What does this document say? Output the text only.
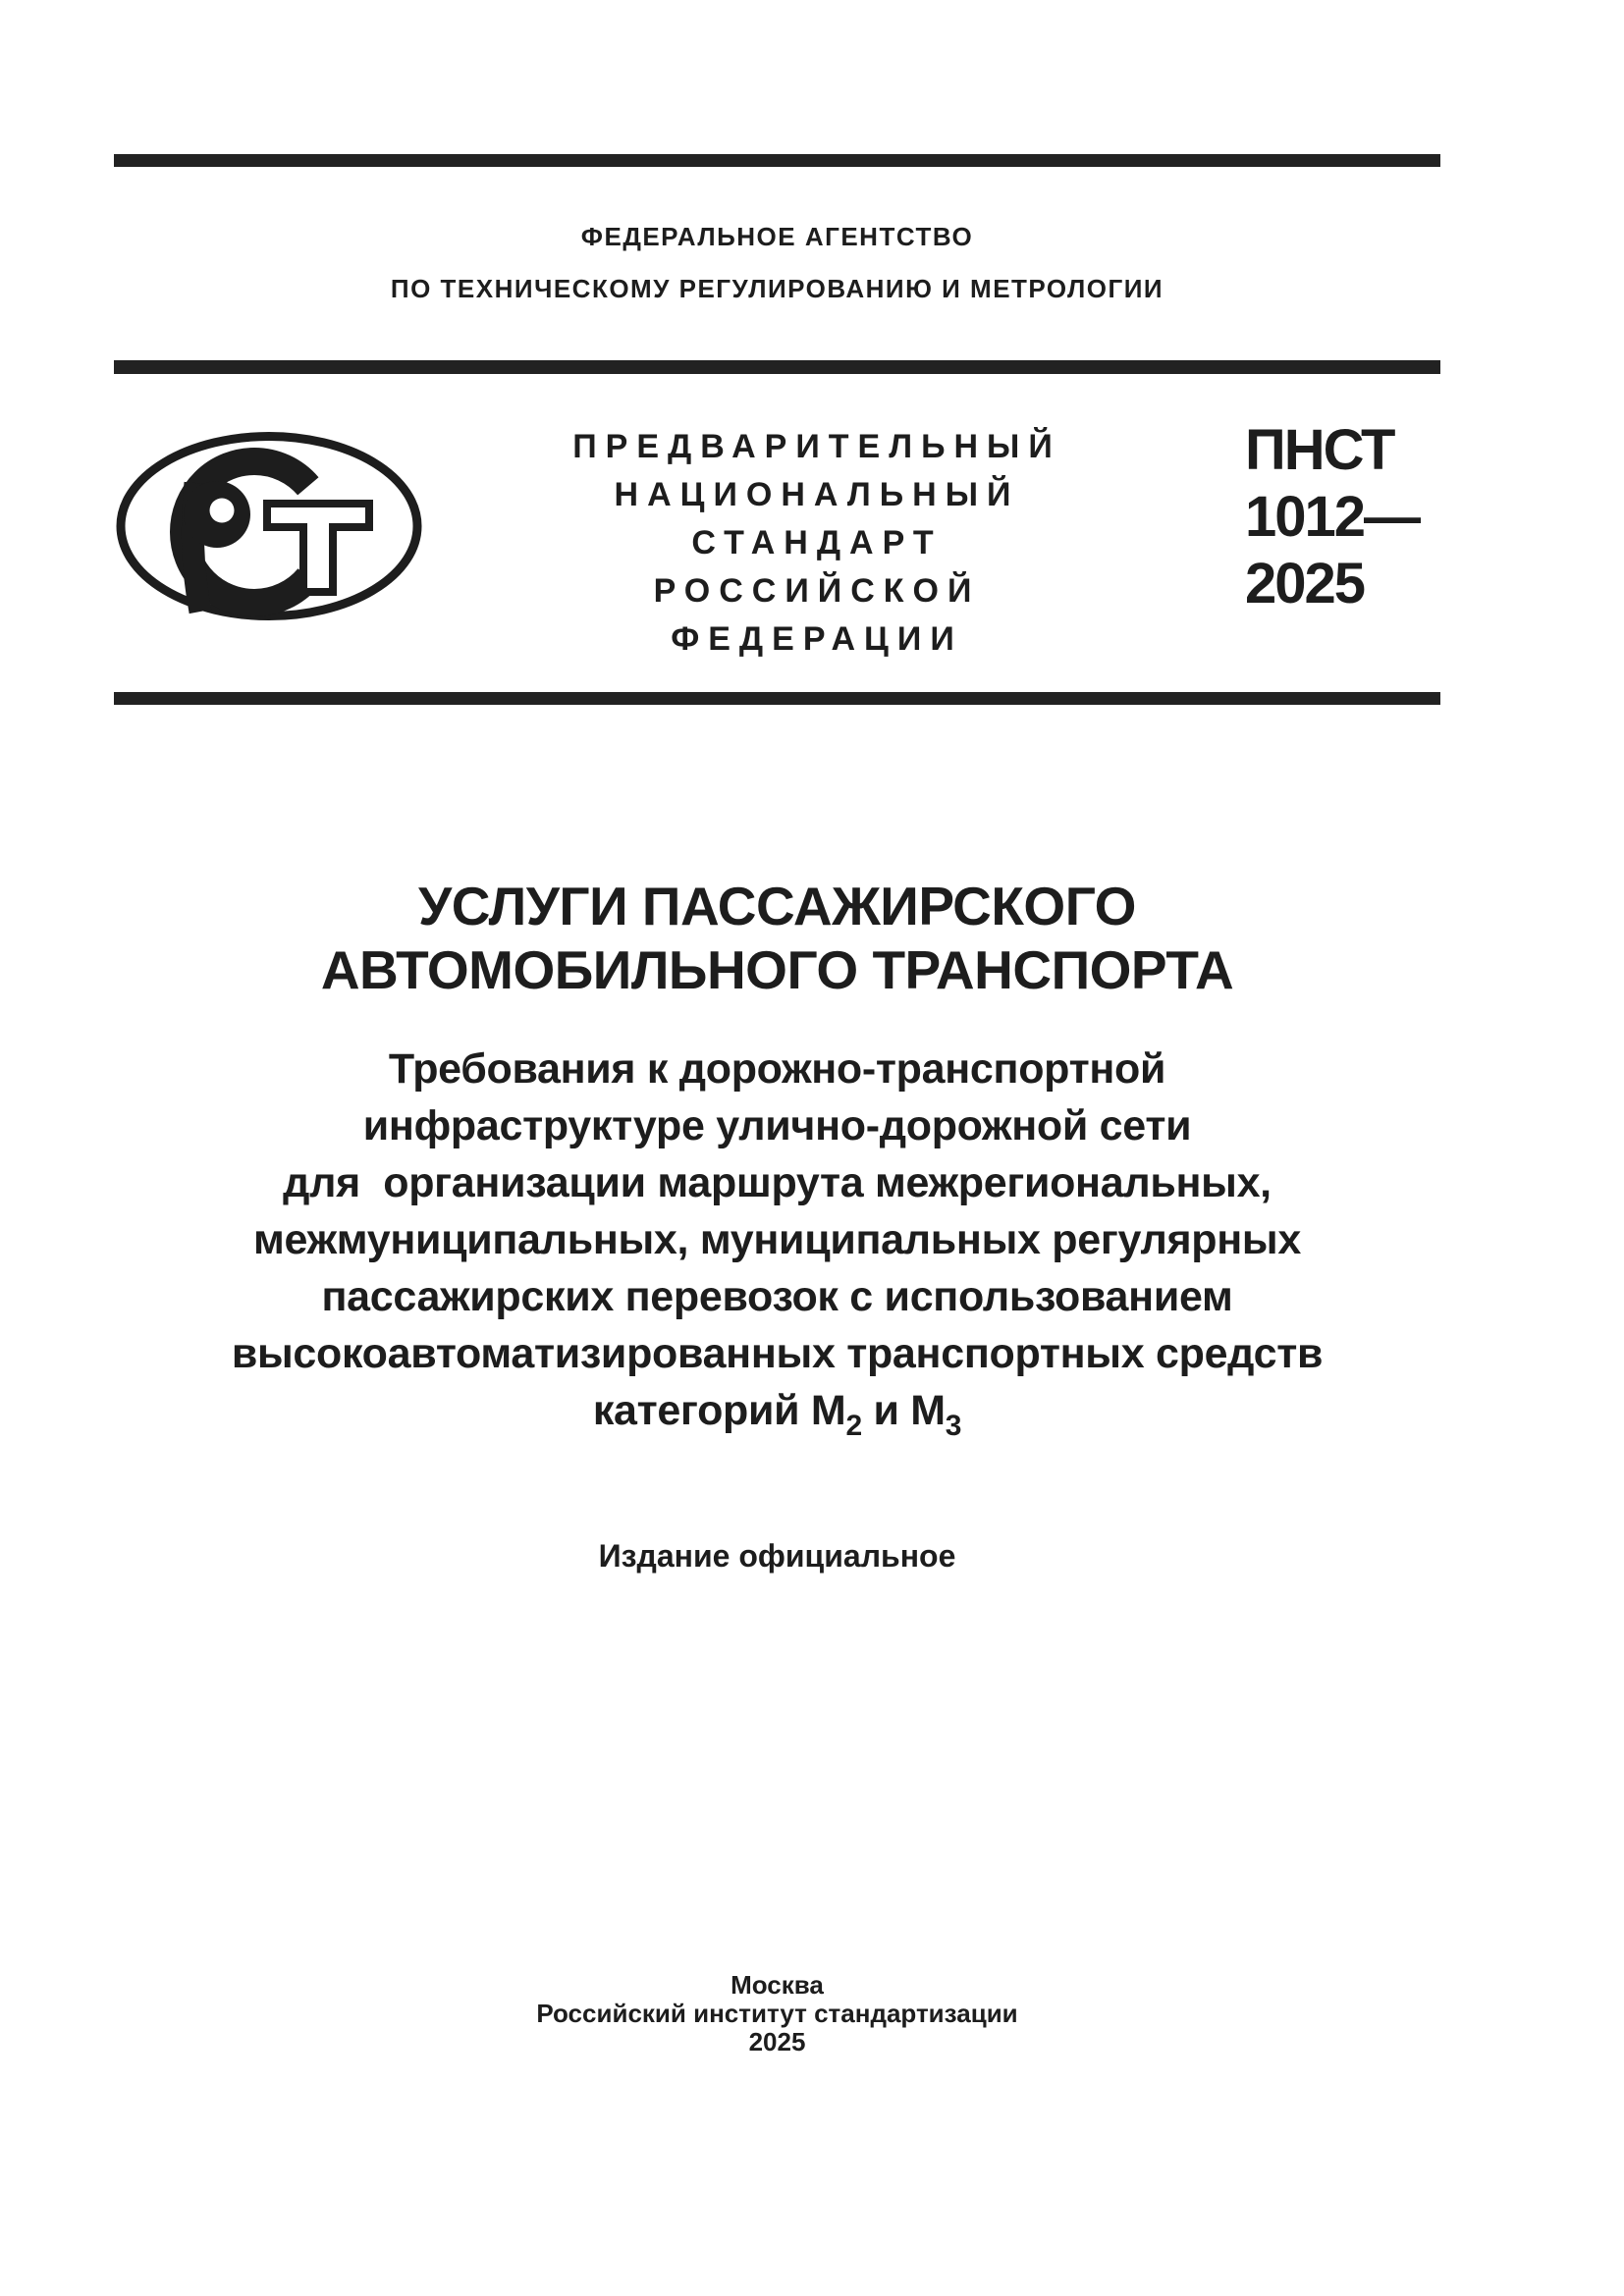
ФЕДЕРАЛЬНОЕ АГЕНТСТВО
ПО ТЕХНИЧЕСКОМУ РЕГУЛИРОВАНИЮ И МЕТРОЛОГИИ
ПРЕДВАРИТЕЛЬНЫЙ
НАЦИОНАЛЬНЫЙ
СТАНДАРТ
РОССИЙСКОЙ
ФЕДЕРАЦИИ
ПНСТ
1012—
2025
УСЛУГИ ПАССАЖИРСКОГО
АВТОМОБИЛЬНОГО ТРАНСПОРТА
Требования к дорожно-транспортной
инфраструктуре улично-дорожной сети
для  организации маршрута межрегиональных,
межмуниципальных, муниципальных регулярных
пассажирских перевозок с использованием
высокоавтоматизированных транспортных средств
категорий $М_2$ и $М_3$
Издание официальное
Москва
Российский институт стандартизации
2025
